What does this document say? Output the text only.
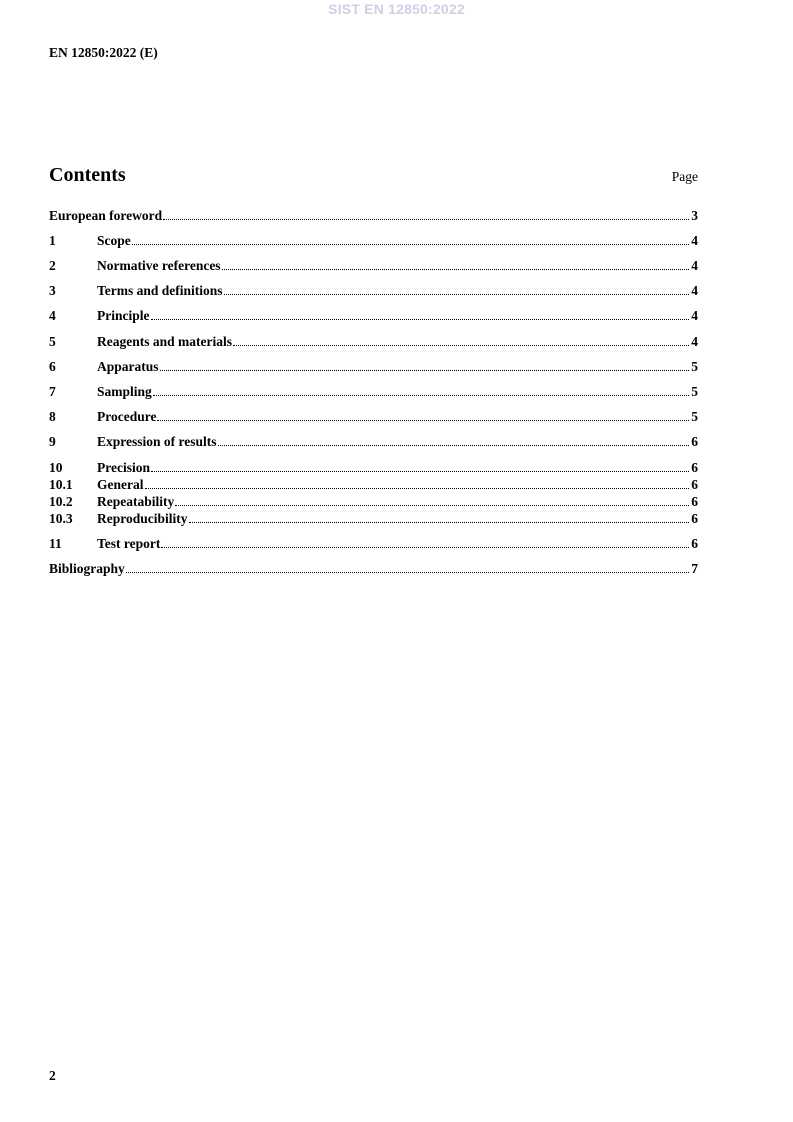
SIST EN 12850:2022
EN 12850:2022 (E)
Contents	Page
European foreword	3
1	Scope	4
2	Normative references	4
3	Terms and definitions	4
4	Principle	4
5	Reagents and materials	4
6	Apparatus	5
7	Sampling	5
8	Procedure	5
9	Expression of results	6
10	Precision	6
10.1	General	6
10.2	Repeatability	6
10.3	Reproducibility	6
11	Test report	6
Bibliography	7
2
